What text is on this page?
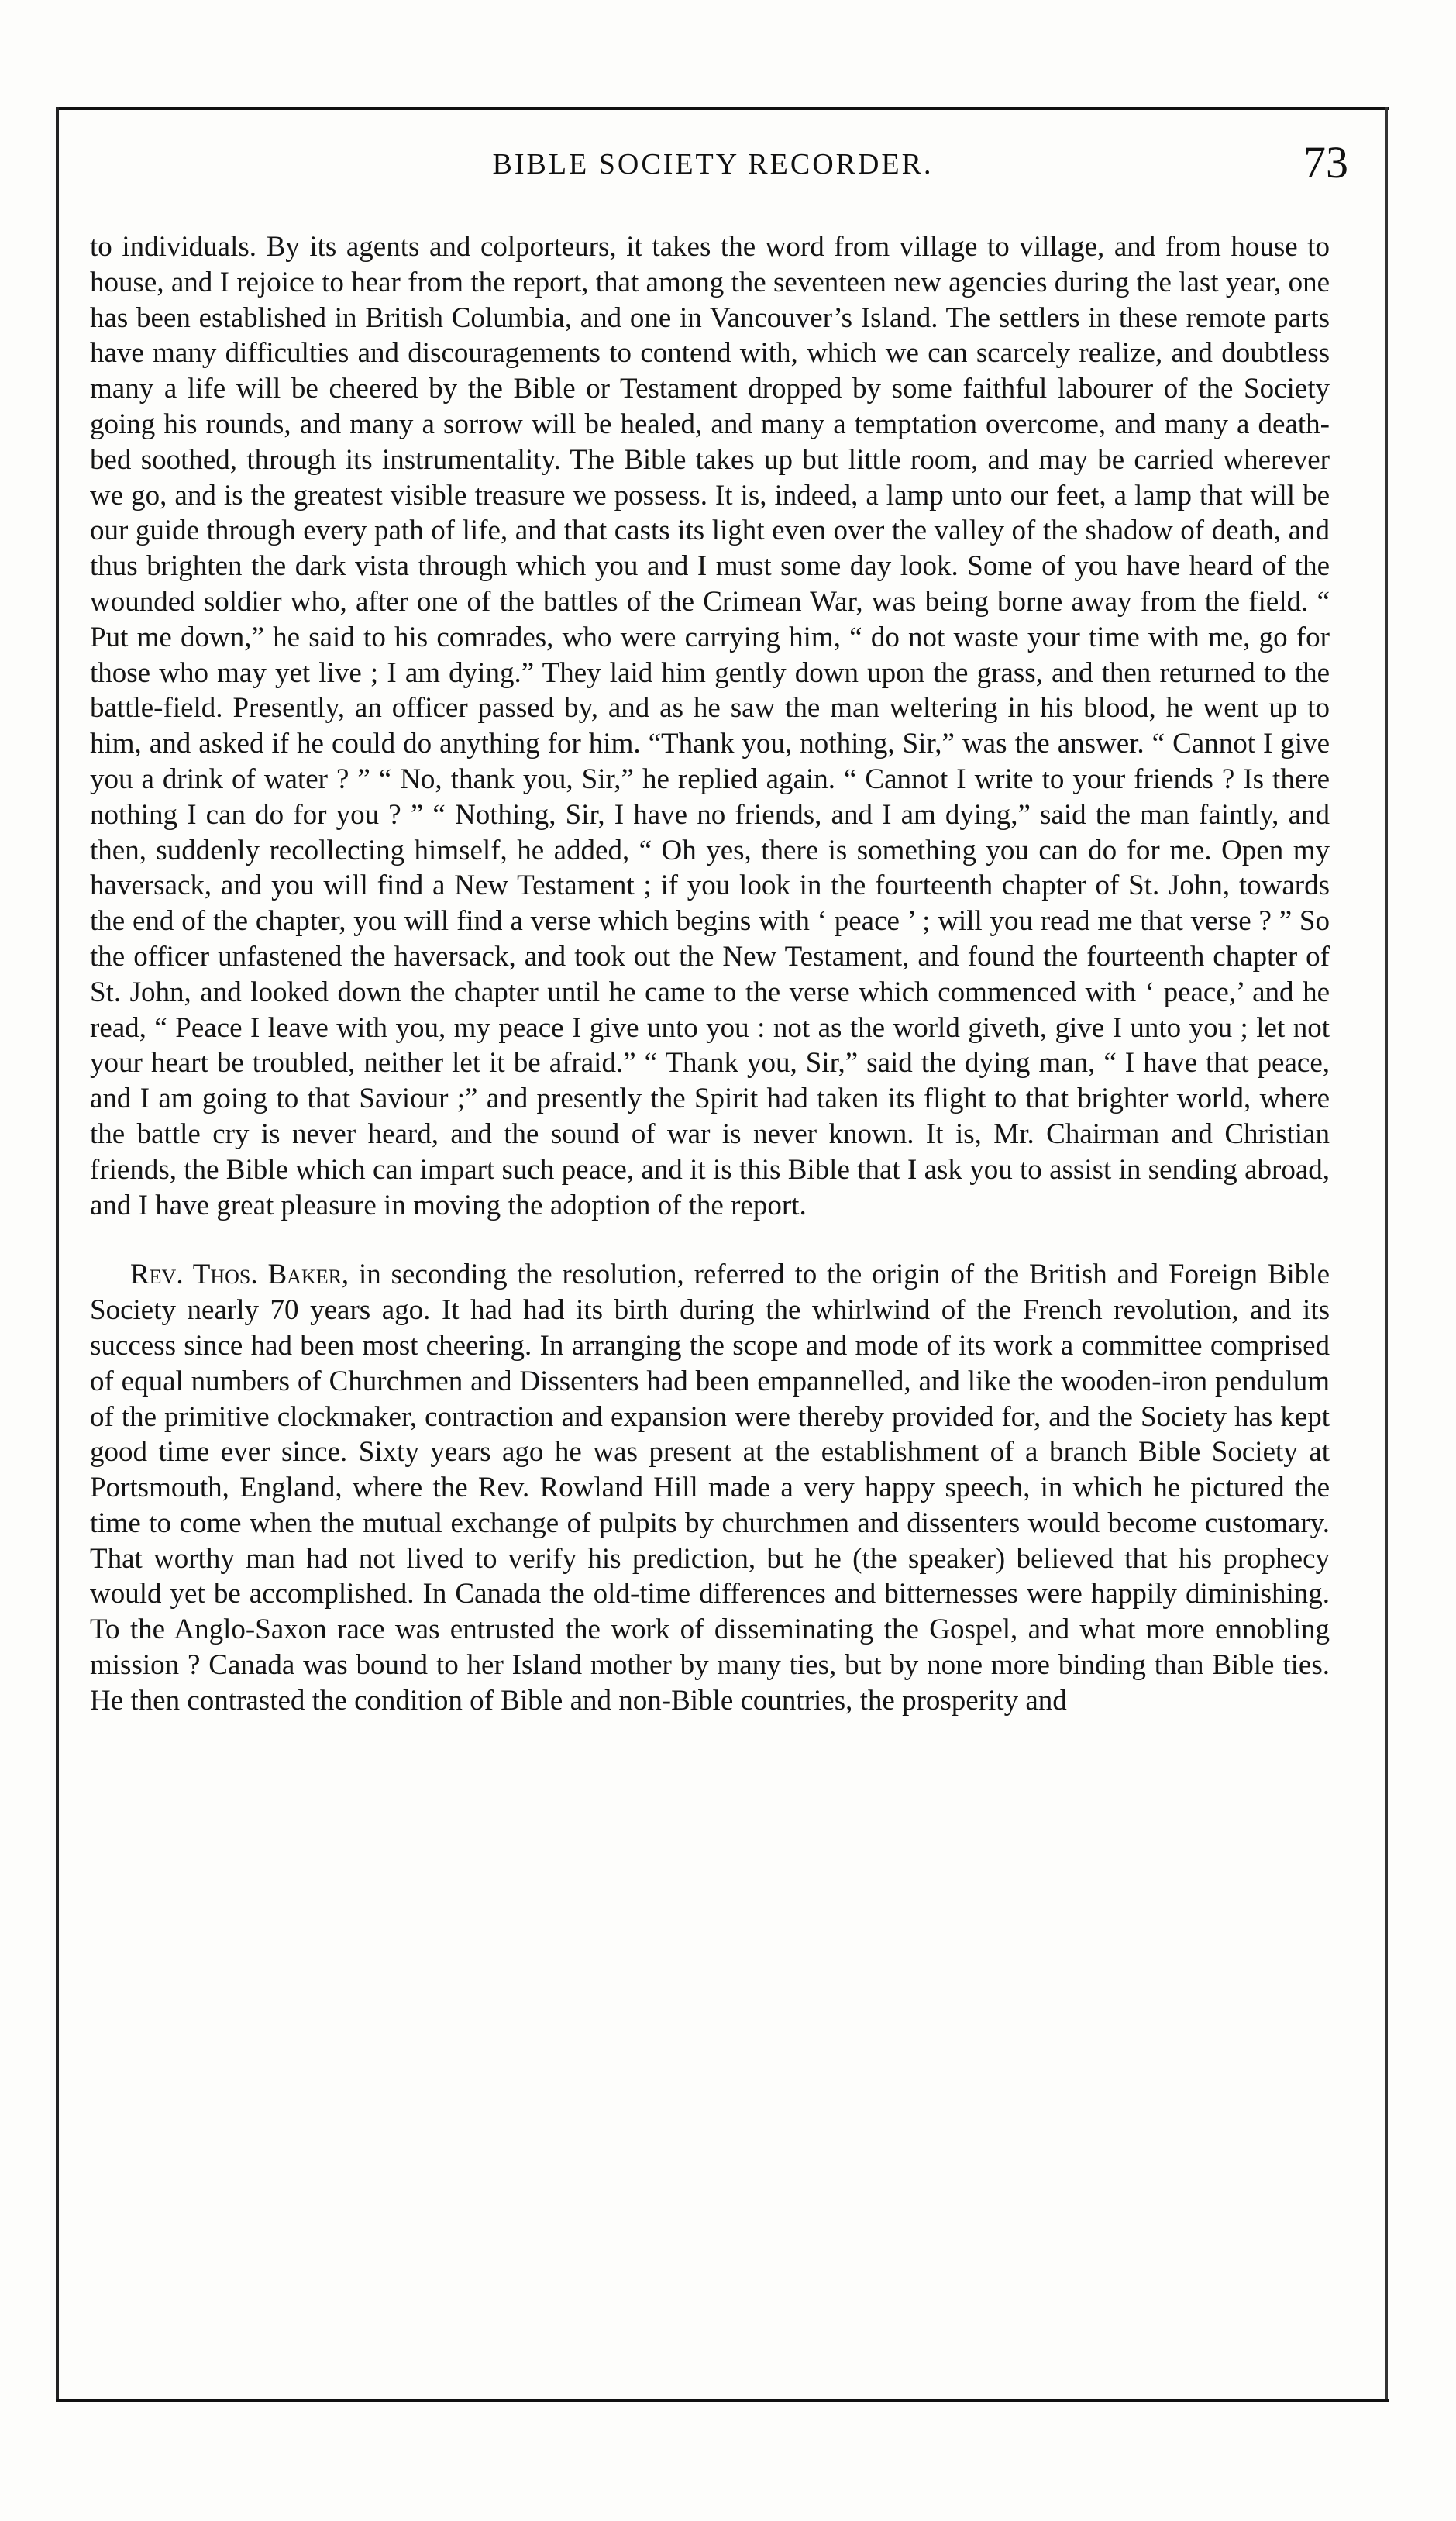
BIBLE SOCIETY RECORDER.	73

to individuals. By its agents and colporteurs, it takes the word from village to village, and from house to house, and I rejoice to hear from the report, that among the seventeen new agencies during the last year, one has been established in British Columbia, and one in Vancouver’s Island. The settlers in these remote parts have many difficulties and discouragements to contend with, which we can scarcely realize, and doubtless many a life will be cheered by the Bible or Testament dropped by some faithful labourer of the Society going his rounds, and many a sorrow will be healed, and many a temptation overcome, and many a death-bed soothed, through its instrumentality. The Bible takes up but little room, and may be carried wherever we go, and is the greatest visible treasure we possess. It is, indeed, a lamp unto our feet, a lamp that will be our guide through every path of life, and that casts its light even over the valley of the shadow of death, and thus brighten the dark vista through which you and I must some day look. Some of you have heard of the wounded soldier who, after one of the battles of the Crimean War, was being borne away from the field. “ Put me down,” he said to his comrades, who were carrying him, “ do not waste your time with me, go for those who may yet live ; I am dying.” They laid him gently down upon the grass, and then returned to the battle-field. Presently, an officer passed by, and as he saw the man weltering in his blood, he went up to him, and asked if he could do anything for him. “Thank you, nothing, Sir,” was the answer. “ Cannot I give you a drink of water ? ” “ No, thank you, Sir,” he replied again. “ Cannot I write to your friends ? Is there nothing I can do for you ? ” “ Nothing, Sir, I have no friends, and I am dying,” said the man faintly, and then, suddenly recollecting himself, he added, “ Oh yes, there is something you can do for me. Open my haversack, and you will find a New Testament ; if you look in the fourteenth chapter of St. John, towards the end of the chapter, you will find a verse which begins with ‘ peace ’ ; will you read me that verse ? ” So the officer unfastened the haversack, and took out the New Testament, and found the fourteenth chapter of St. John, and looked down the chapter until he came to the verse which commenced with ‘ peace,’ and he read, “ Peace I leave with you, my peace I give unto you : not as the world giveth, give I unto you ; let not your heart be troubled, neither let it be afraid.” “ Thank you, Sir,” said the dying man, “ I have that peace, and I am going to that Saviour ;” and presently the Spirit had taken its flight to that brighter world, where the battle cry is never heard, and the sound of war is never known. It is, Mr. Chairman and Christian friends, the Bible which can impart such peace, and it is this Bible that I ask you to assist in sending abroad, and I have great pleasure in moving the adoption of the report.

Rev. Thos. Baker, in seconding the resolution, referred to the origin of the British and Foreign Bible Society nearly 70 years ago. It had had its birth during the whirlwind of the French revolution, and its success since had been most cheering. In arranging the scope and mode of its work a committee comprised of equal numbers of Churchmen and Dissenters had been empannelled, and like the wooden-iron pendulum of the primitive clockmaker, contraction and expansion were thereby provided for, and the Society has kept good time ever since. Sixty years ago he was present at the establishment of a branch Bible Society at Portsmouth, England, where the Rev. Rowland Hill made a very happy speech, in which he pictured the time to come when the mutual exchange of pulpits by churchmen and dissenters would become customary. That worthy man had not lived to verify his prediction, but he (the speaker) believed that his prophecy would yet be accomplished. In Canada the old-time differences and bitternesses were happily diminishing. To the Anglo-Saxon race was entrusted the work of disseminating the Gospel, and what more ennobling mission ? Canada was bound to her Island mother by many ties, but by none more binding than Bible ties. He then contrasted the condition of Bible and non-Bible countries, the prosperity and
